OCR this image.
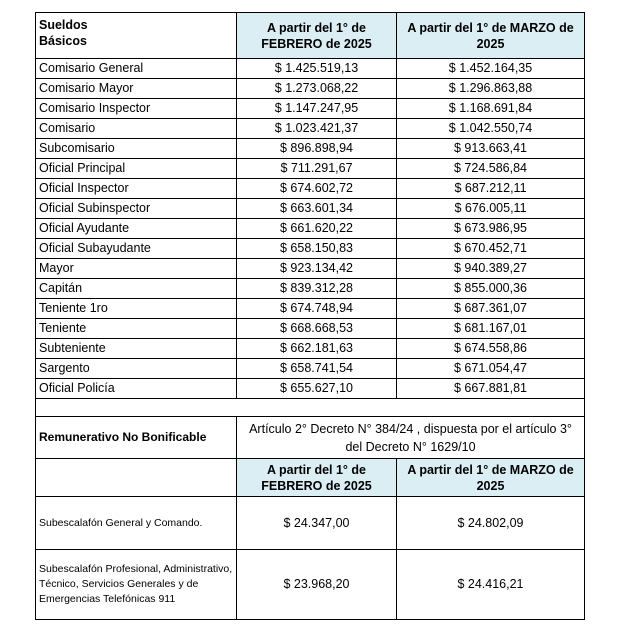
Sueldos
Básicos	A partir del 1° de FEBRERO de 2025	A partir del 1° de MARZO de 2025
Comisario General	$ 1.425.519,13	$ 1.452.164,35
Comisario Mayor	$ 1.273.068,22	$ 1.296.863,88
Comisario Inspector	$ 1.147.247,95	$ 1.168.691,84
Comisario	$ 1.023.421,37	$ 1.042.550,74
Subcomisario	$ 896.898,94	$ 913.663,41
Oficial Principal	$ 711.291,67	$ 724.586,84
Oficial Inspector	$ 674.602,72	$ 687.212,11
Oficial Subinspector	$ 663.601,34	$ 676.005,11
Oficial Ayudante	$ 661.620,22	$ 673.986,95
Oficial Subayudante	$ 658.150,83	$ 670.452,71
Mayor	$ 923.134,42	$ 940.389,27
Capitán	$ 839.312,28	$ 855.000,36
Teniente 1ro	$ 674.748,94	$ 687.361,07
Teniente	$ 668.668,53	$ 681.167,01
Subteniente	$ 662.181,63	$ 674.558,86
Sargento	$ 658.741,54	$ 671.054,47
Oficial Policía	$ 655.627,10	$ 667.881,81

Remunerativo No Bonificable	Artículo 2° Decreto N° 384/24 , dispuesta por el artículo 3° del Decreto N° 1629/10	
	A partir del 1° de FEBRERO de 2025	A partir del 1° de MARZO de 2025
Subescalafón General y Comando.	$ 24.347,00	$ 24.802,09
Subescalafón Profesional, Administrativo, Técnico, Servicios Generales y de Emergencias Telefónicas 911	$ 23.968,20	$ 24.416,21
